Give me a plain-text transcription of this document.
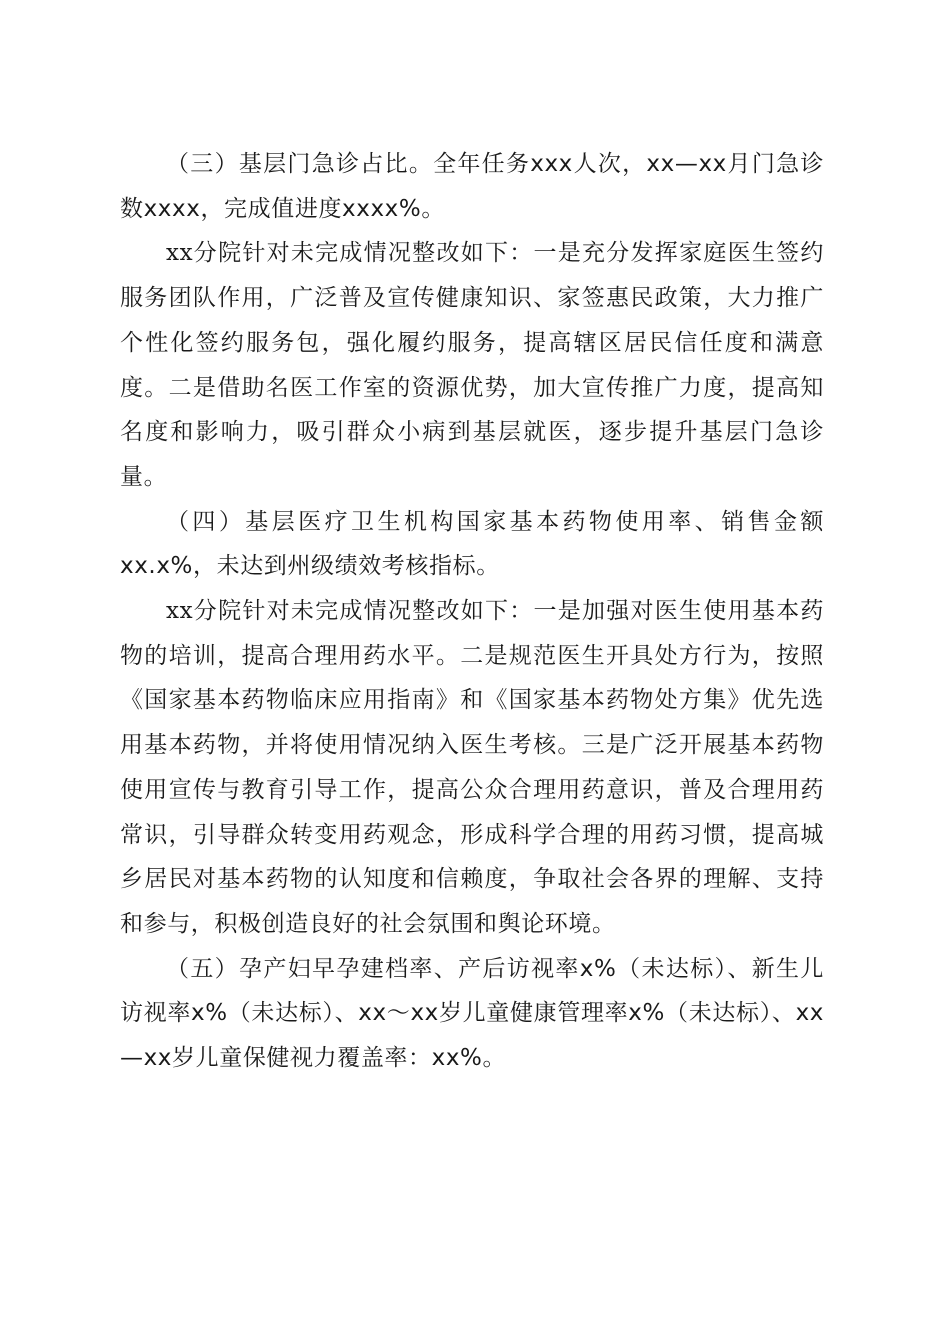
（三）基层门急诊占比。全年任务xxx人次，xx—xx月门急诊数xxxx，完成值进度xxxx%。

xx分院针对未完成情况整改如下：一是充分发挥家庭医生签约服务团队作用，广泛普及宣传健康知识、家签惠民政策，大力推广个性化签约服务包，强化履约服务，提高辖区居民信任度和满意度。二是借助名医工作室的资源优势，加大宣传推广力度，提高知名度和影响力，吸引群众小病到基层就医，逐步提升基层门急诊量。

（四）基层医疗卫生机构国家基本药物使用率、销售金额xx.x%，未达到州级绩效考核指标。

xx分院针对未完成情况整改如下：一是加强对医生使用基本药物的培训，提高合理用药水平。二是规范医生开具处方行为，按照《国家基本药物临床应用指南》和《国家基本药物处方集》优先选用基本药物，并将使用情况纳入医生考核。三是广泛开展基本药物使用宣传与教育引导工作，提高公众合理用药意识，普及合理用药常识，引导群众转变用药观念，形成科学合理的用药习惯，提高城乡居民对基本药物的认知度和信赖度，争取社会各界的理解、支持和参与，积极创造良好的社会氛围和舆论环境。

（五）孕产妇早孕建档率、产后访视率x%（未达标）、新生儿访视率x%（未达标）、xx～xx岁儿童健康管理率x%（未达标）、xx—xx岁儿童保健视力覆盖率：xx%。
